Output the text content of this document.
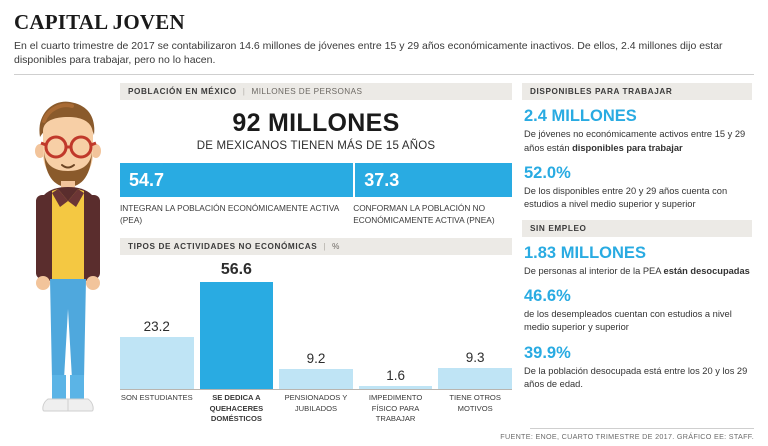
CAPITAL JOVEN

En el cuarto trimestre de 2017 se contabilizaron 14.6 millones de jóvenes entre 15 y 29 años económicamente inactivos. De ellos, 2.4 millones dijo estar disponibles para trabajar, pero no lo hacen.

POBLACIÓN EN MÉXICO | MILLONES DE PERSONAS
92 MILLONES
DE MEXICANOS TIENEN MÁS DE 15 AÑOS
54.7	37.3
INTEGRAN LA POBLACIÓN ECONÓMICAMENTE ACTIVA (PEA)
CONFORMAN LA POBLACIÓN NO ECONÓMICAMENTE ACTIVA (PNEA)
TIPOS DE ACTIVIDADES NO ECONÓMICAS | %
23.2
56.6
9.2
1.6
9.3
SON ESTUDIANTES	SE DEDICA A QUEHACERES DOMÉSTICOS
PENSIONADOS Y JUBILADOS
IMPEDIMENTO FÍSICO PARA TRABAJAR
TIENE OTROS MOTIVOS
DISPONIBLES PARA TRABAJAR
2.4 MILLONES
De jóvenes no económicamente activos entre 15 y 29 años están disponibles para trabajar
52.0%
De los disponibles entre 20 y 29 años cuenta con estudios a nivel medio superior y superior
SIN EMPLEO
1.83 MILLONES
De personas al interior de la PEA están desocupadas
46.6%
de los desempleados cuentan con estudios a nivel medio superior y superior
39.9%
De la población desocupada está entre los 20 y los 29 años de edad.
FUENTE: ENOE, CUARTO TRIMESTRE DE 2017. GRÁFICO EE: STAFF.
